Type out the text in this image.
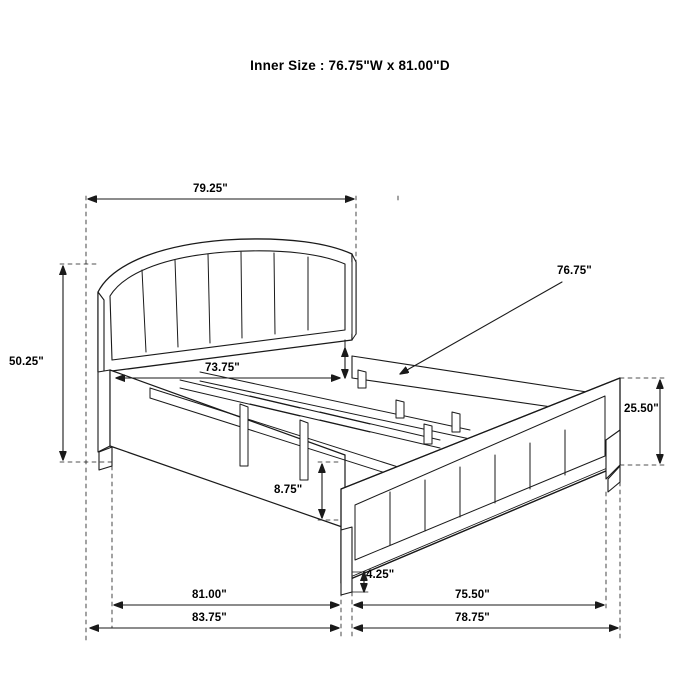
Inner Size : 76.75"W x 81.00"D
79.25"
50.25"	73.75"
76.75"
25.50"
8.75"
4.25"
81.00"	75.50"
83.75"	78.75"
